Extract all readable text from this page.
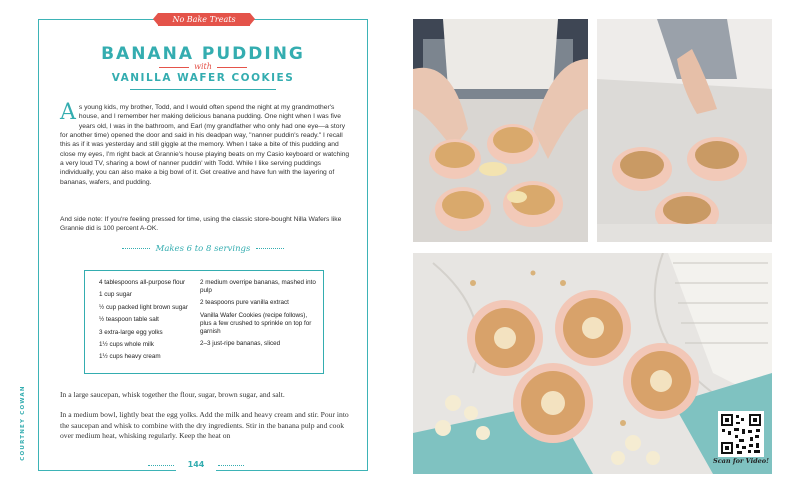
No Bake Treats
BANANA PUDDING
with
VANILLA WAFER COOKIES

As young kids, my brother, Todd, and I would often spend the night at my grandmother's house, and I remember her making delicious banana pudding. One night when I was five years old, I was in the bathroom, and Earl (my grandfather who only had one eye—a story for another time) opened the door and said in his deadpan way, "nanner puddin's ready." I recall this as if it was yesterday and still giggle at the memory. When I take a bite of this pudding and close my eyes, I'm right back at Grannie's house playing beats on my Casio keyboard or watching a very loud TV, sharing a bowl of nanner puddin' with Todd. While I like serving puddings individually, you can also make a big bowl of it. Get creative and have fun with the layering of bananas, wafers, and pudding.

And side note: If you're feeling pressed for time, using the classic store-bought Nilla Wafers like Grannie did is 100 percent A-OK.

Makes 6 to 8 servings
4 tablespoons all-purpose flour
1 cup sugar
½ cup packed light brown sugar
½ teaspoon table salt
3 extra-large egg yolks
1½ cups whole milk
1½ cups heavy cream
2 medium overripe bananas, mashed into pulp
2 teaspoons pure vanilla extract
Vanilla Wafer Cookies (recipe follows), plus a few crushed to sprinkle on top for garnish
2–3 just-ripe bananas, sliced

In a large saucepan, whisk together the flour, sugar, brown sugar, and salt.

In a medium bowl, lightly beat the egg yolks. Add the milk and heavy cream and stir. Pour into the saucepan and whisk to combine with the dry ingredients. Stir in the banana pulp and cook over medium heat, whisking regularly. Keep the heat on

COURTNEY COWAN
144	Scan for Video!
